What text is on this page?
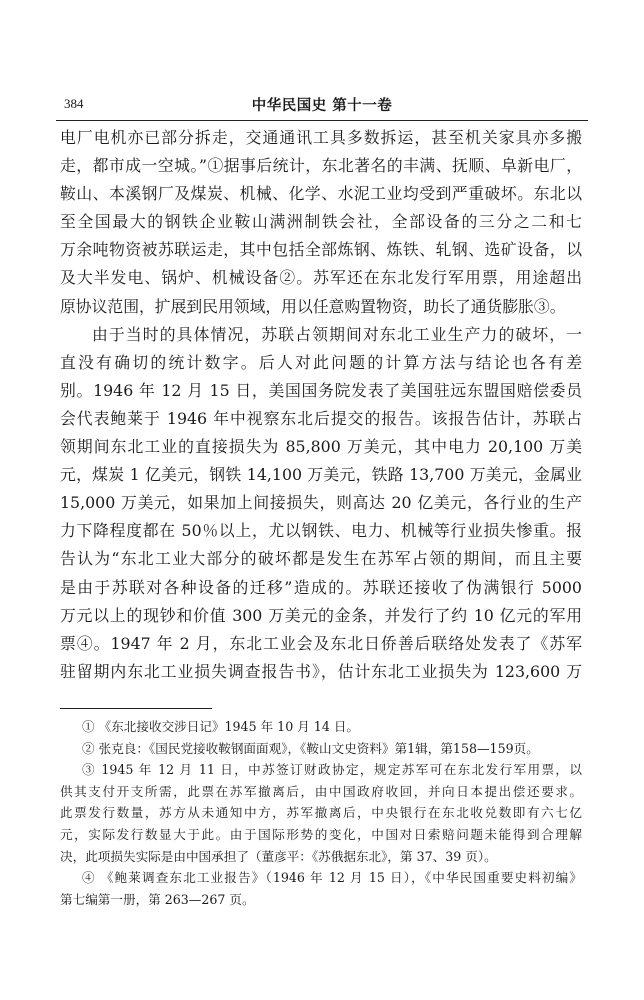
384	中华民国史 第十一卷
电厂电机亦已部分拆走，交通通讯工具多数拆运，甚至机关家具亦多搬
走，都市成一空城。”①据事后统计，东北著名的丰满、抚顺、阜新电厂，
鞍山、本溪钢厂及煤炭、机械、化学、水泥工业均受到严重破坏。东北以
至全国最大的钢铁企业鞍山满洲制铁会社，全部设备的三分之二和七
万余吨物资被苏联运走，其中包括全部炼钢、炼铁、轧钢、选矿设备，以
及大半发电、锅炉、机械设备②。苏军还在东北发行军用票，用途超出
原协议范围，扩展到民用领域，用以任意购置物资，助长了通货膨胀③。
由于当时的具体情况，苏联占领期间对东北工业生产力的破坏，一
直没有确切的统计数字。后人对此问题的计算方法与结论也各有差
别。1946 年 12 月 15 日，美国国务院发表了美国驻远东盟国赔偿委员
会代表鲍莱于 1946 年中视察东北后提交的报告。该报告估计，苏联占
领期间东北工业的直接损失为 85,800 万美元，其中电力 20,100 万美
元，煤炭 1 亿美元，钢铁 14,100 万美元，铁路 13,700 万美元，金属业
15,000 万美元，如果加上间接损失，则高达 20 亿美元，各行业的生产
力下降程度都在 50％以上，尤以钢铁、电力、机械等行业损失惨重。报
告认为“东北工业大部分的破坏都是发生在苏军占领的期间，而且主要
是由于苏联对各种设备的迁移”造成的。苏联还接收了伪满银行 5000
万元以上的现钞和价值 300 万美元的金条，并发行了约 10 亿元的军用
票④。1947 年 2 月，东北工业会及东北日侨善后联络处发表了《苏军
驻留期内东北工业损失调查报告书》，估计东北工业损失为 123,600 万
① 《东北接收交涉日记》1945 年 10 月 14 日。
② 张克良：《国民党接收鞍钢面面观》，《鞍山文史资料》第1辑，第158—159页。
③ 1945 年 12 月 11 日，中苏签订财政协定，规定苏军可在东北发行军用票，以
供其支付开支所需，此票在苏军撤离后，由中国政府收回，并向日本提出偿还要求。
此票发行数量，苏方从未通知中方，苏军撤离后，中央银行在东北收兑数即有六七亿
元，实际发行数显大于此。由于国际形势的变化，中国对日索赔问题未能得到合理解
决，此项损失实际是由中国承担了（董彦平：《苏俄据东北》，第 37、39 页）。
④ 《鲍莱调查东北工业报告》（1946 年 12 月 15 日），《中华民国重要史料初编》
第七编第一册，第 263—267 页。
